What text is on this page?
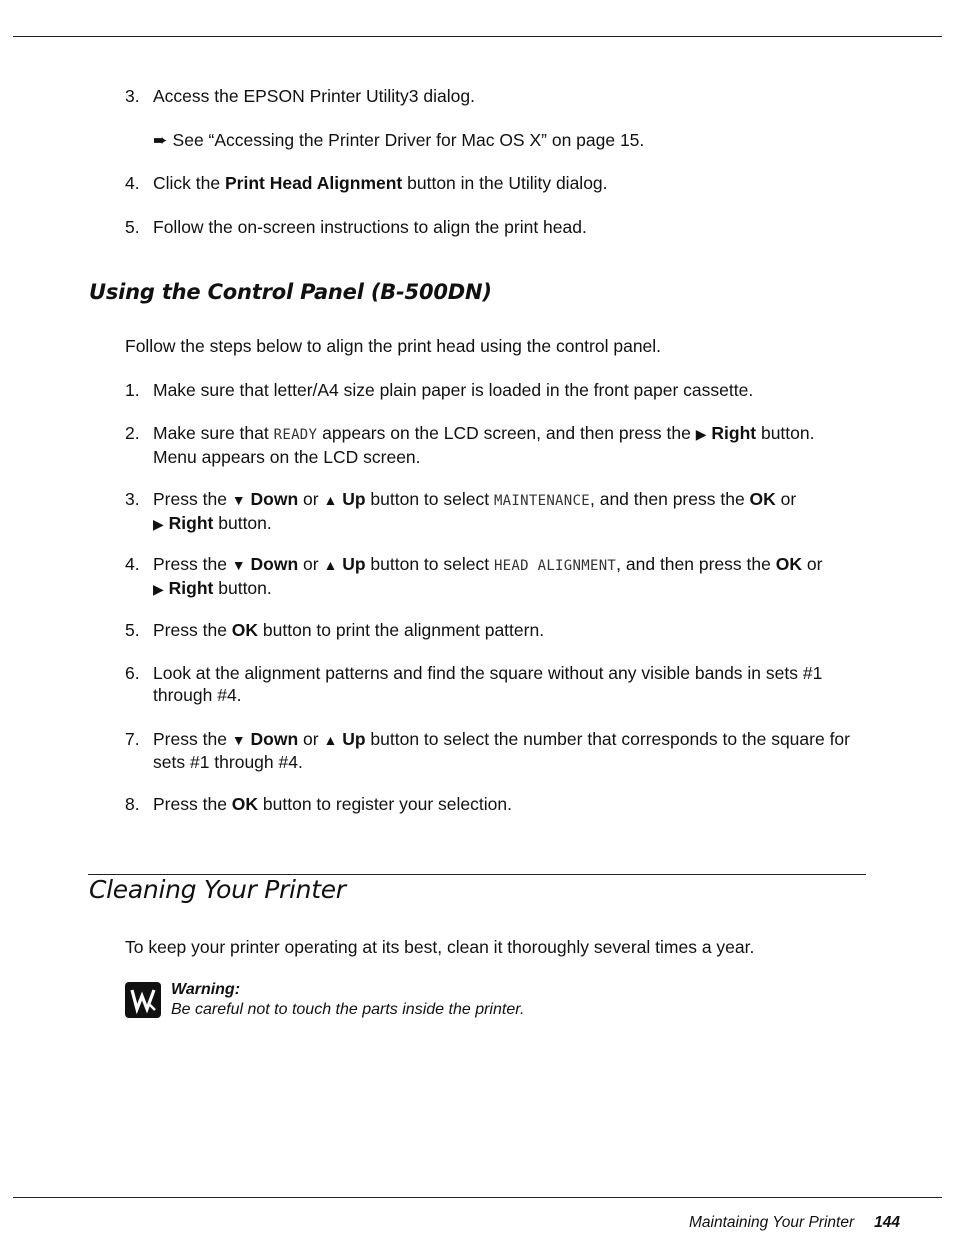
3. Access the EPSON Printer Utility3 dialog.
➨ See “Accessing the Printer Driver for Mac OS X” on page 15.
4. Click the Print Head Alignment button in the Utility dialog.
5. Follow the on-screen instructions to align the print head.
Using the Control Panel (B-500DN)
Follow the steps below to align the print head using the control panel.
1. Make sure that letter/A4 size plain paper is loaded in the front paper cassette.
2. Make sure that READY appears on the LCD screen, and then press the ▶ Right button.
Menu appears on the LCD screen.
3. Press the ▼ Down or ▲ Up button to select MAINTENANCE, and then press the OK or
▶ Right button.
4. Press the ▼ Down or ▲ Up button to select HEAD ALIGNMENT, and then press the OK or
▶ Right button.
5. Press the OK button to print the alignment pattern.
6. Look at the alignment patterns and find the square without any visible bands in sets #1 through #4.
7. Press the ▼ Down or ▲ Up button to select the number that corresponds to the square for sets #1 through #4.
8. Press the OK button to register your selection.
Cleaning Your Printer
To keep your printer operating at its best, clean it thoroughly several times a year.
Warning:
Be careful not to touch the parts inside the printer.
Maintaining Your Printer 144
